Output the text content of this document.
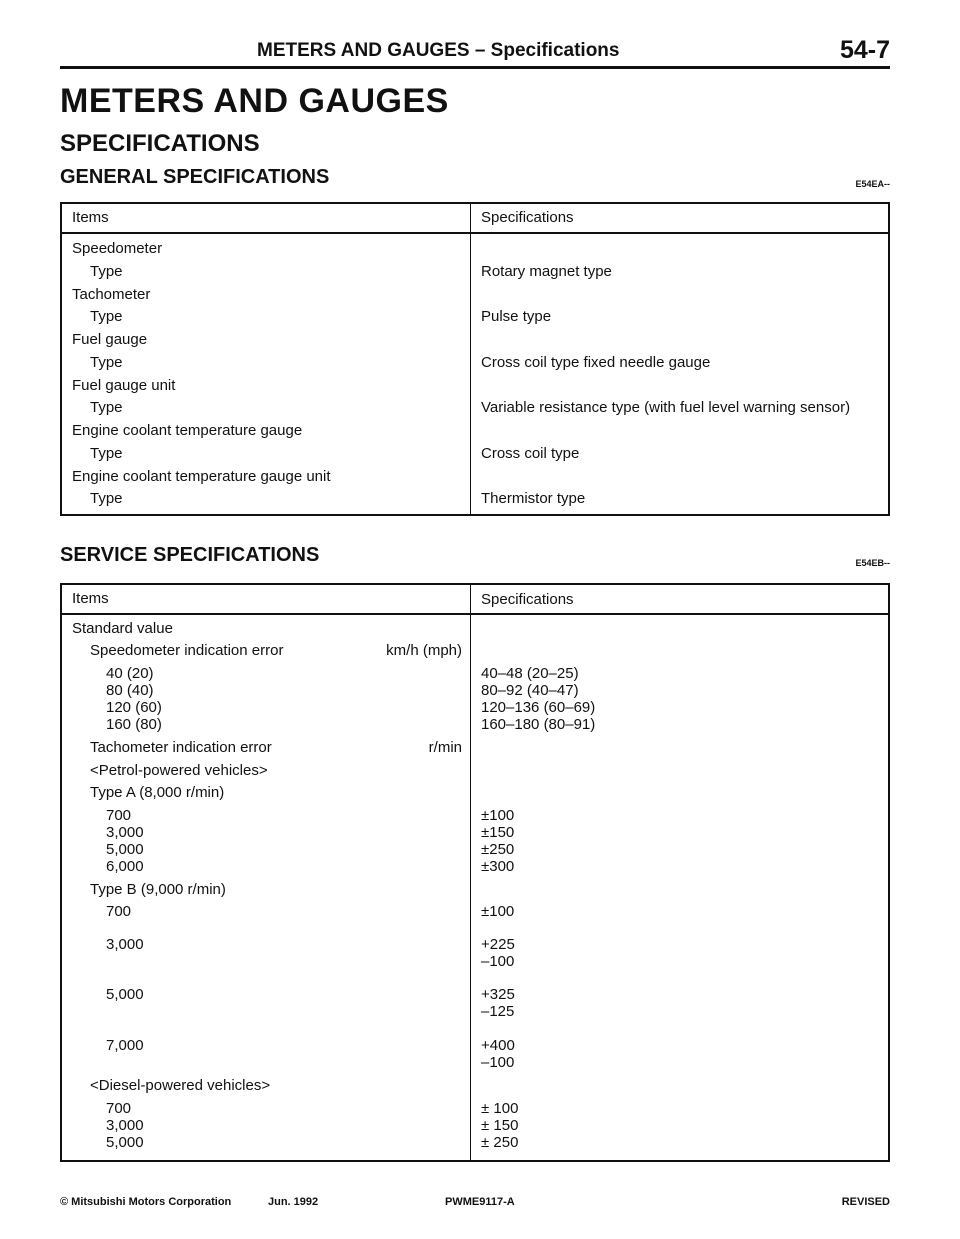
METERS AND GAUGES – Specifications	54-7
METERS AND GAUGES
SPECIFICATIONS
GENERAL SPECIFICATIONS	E54EA--
Items	Specifications
Speedometer
Type	Rotary magnet type
Tachometer
Type	Pulse type
Fuel gauge
Type	Cross coil type fixed needle gauge
Fuel gauge unit
Type	Variable resistance type (with fuel level warning sensor)
Engine coolant temperature gauge
Type	Cross coil type
Engine coolant temperature gauge unit
Type	Thermistor type
SERVICE SPECIFICATIONS	E54EB--
Items	Specifications
Standard value
Speedometer indication error	km/h (mph)
40 (20)	40–48 (20–25)
80 (40)	80–92 (40–47)
120 (60)	120–136 (60–69)
160 (80)	160–180 (80–91)
Tachometer indication error	r/min
<Petrol-powered vehicles>
Type A (8,000 r/min)
700	±100
3,000	±150
5,000	±250
6,000	±300
Type B (9,000 r/min)
700	±100
3,000	+225
–100
5,000	+325
–125
7,000	+400
–100
<Diesel-powered vehicles>
700	± 100
3,000	± 150
5,000	± 250
© Mitsubishi Motors Corporation	Jun. 1992	PWME9117-A	REVISED
